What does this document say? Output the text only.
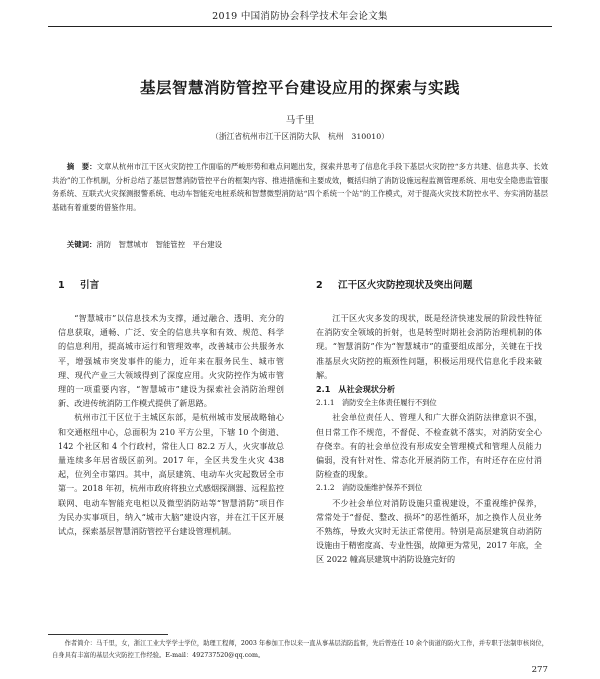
2019 中国消防协会科学技术年会论文集
基层智慧消防管控平台建设应用的探索与实践
马千里
（浙江省杭州市江干区消防大队　杭州　310010）
摘　要：文章从杭州市江干区火灾防控工作面临的严峻形势和难点问题出发，探索并思考了信息化手段下基层火灾防控“多方共建、信息共享、长效共治”的工作机制，分析总结了基层智慧消防管控平台的框架内容、推进措施和主要成效，概括归纳了消防设施远程监测管理系统、用电安全隐患监管服务系统、互联式火灾探测报警系统、电动车智能充电桩系统和智慧微型消防站“四个系统一个站”的工作模式，对于提高火灾技术防控水平、夯实消防基层基础有着重要的借鉴作用。
关键词：消防　智慧城市　智能管控　平台建设
1 引言

“智慧城市”以信息技术为支撑，通过融合、透明、充分的信息获取，通畅、广泛、安全的信息共享和有效、规范、科学的信息利用，提高城市运行和管理效率，改善城市公共服务水平，增强城市突发事件的能力，近年来在服务民生、城市管理、现代产业三大领域得到了深度应用。火灾防控作为城市管理的一项重要内容，“智慧城市”建设为探索社会消防治理创新、改进传统消防工作模式提供了新思路。

杭州市江干区位于主城区东部，是杭州城市发展战略轴心和交通枢纽中心，总面积为 210 平方公里，下辖 10 个街道、142 个社区和 4 个行政村，常住人口 82.2 万人，火灾事故总量连续多年居省级区前列。2017 年，全区共发生火灾 438 起，位列全市第四。其中，高层建筑、电动车火灾起数居全市第一。2018 年初，杭州市政府将独立式感烟探测器、远程监控联网、电动车智能充电柜以及微型消防站等“智慧消防”项目作为民办实事项目，纳入“城市大脑”建设内容，并在江干区开展试点，探索基层智慧消防管控平台建设管理机制。

2 江干区火灾防控现状及突出问题

江干区火灾多发的现状，既是经济快速发展的阶段性特征在消防安全领域的折射，也是转型时期社会消防治理机制的体现。“智慧消防”作为“智慧城市”的重要组成部分，关键在于找准基层火灾防控的瓶颈性问题，积极运用现代信息化手段来破解。

2.1　从社会现状分析

2.1.1　消防安全主体责任履行不到位

社会单位责任人、管理人和广大群众消防法律意识不强，但日常工作不规范，不督促、不检查就不落实，对消防安全心存侥幸。有的社会单位没有形成安全管理模式和管理人员能力偏弱，没有针对性、常态化开展消防工作，有时还存在应付消防检查的现象。

2.1.2　消防设施维护保养不到位

不少社会单位对消防设施只重视建设，不重视维护保养，常常处于“督促、整改、损坏”的恶性循环，加之换作人员业务不熟练，导致火灾时无法正常使用。特别是高层建筑自动消防设施由于精密度高、专业性强，故障更为常见，2017 年底，全区 2022 幢高层建筑中消防设施完好的

作者简介：马千里，女，浙江工业大学学士学位，助理工程师，2003 年参加工作以来一直从事基层消防监督，先后曾连任 10 余个街道的防火工作，并专职于法制审核岗位，自身具有丰富的基层火灾防控工作经验。E-mail：492737520@qq.com。
277
